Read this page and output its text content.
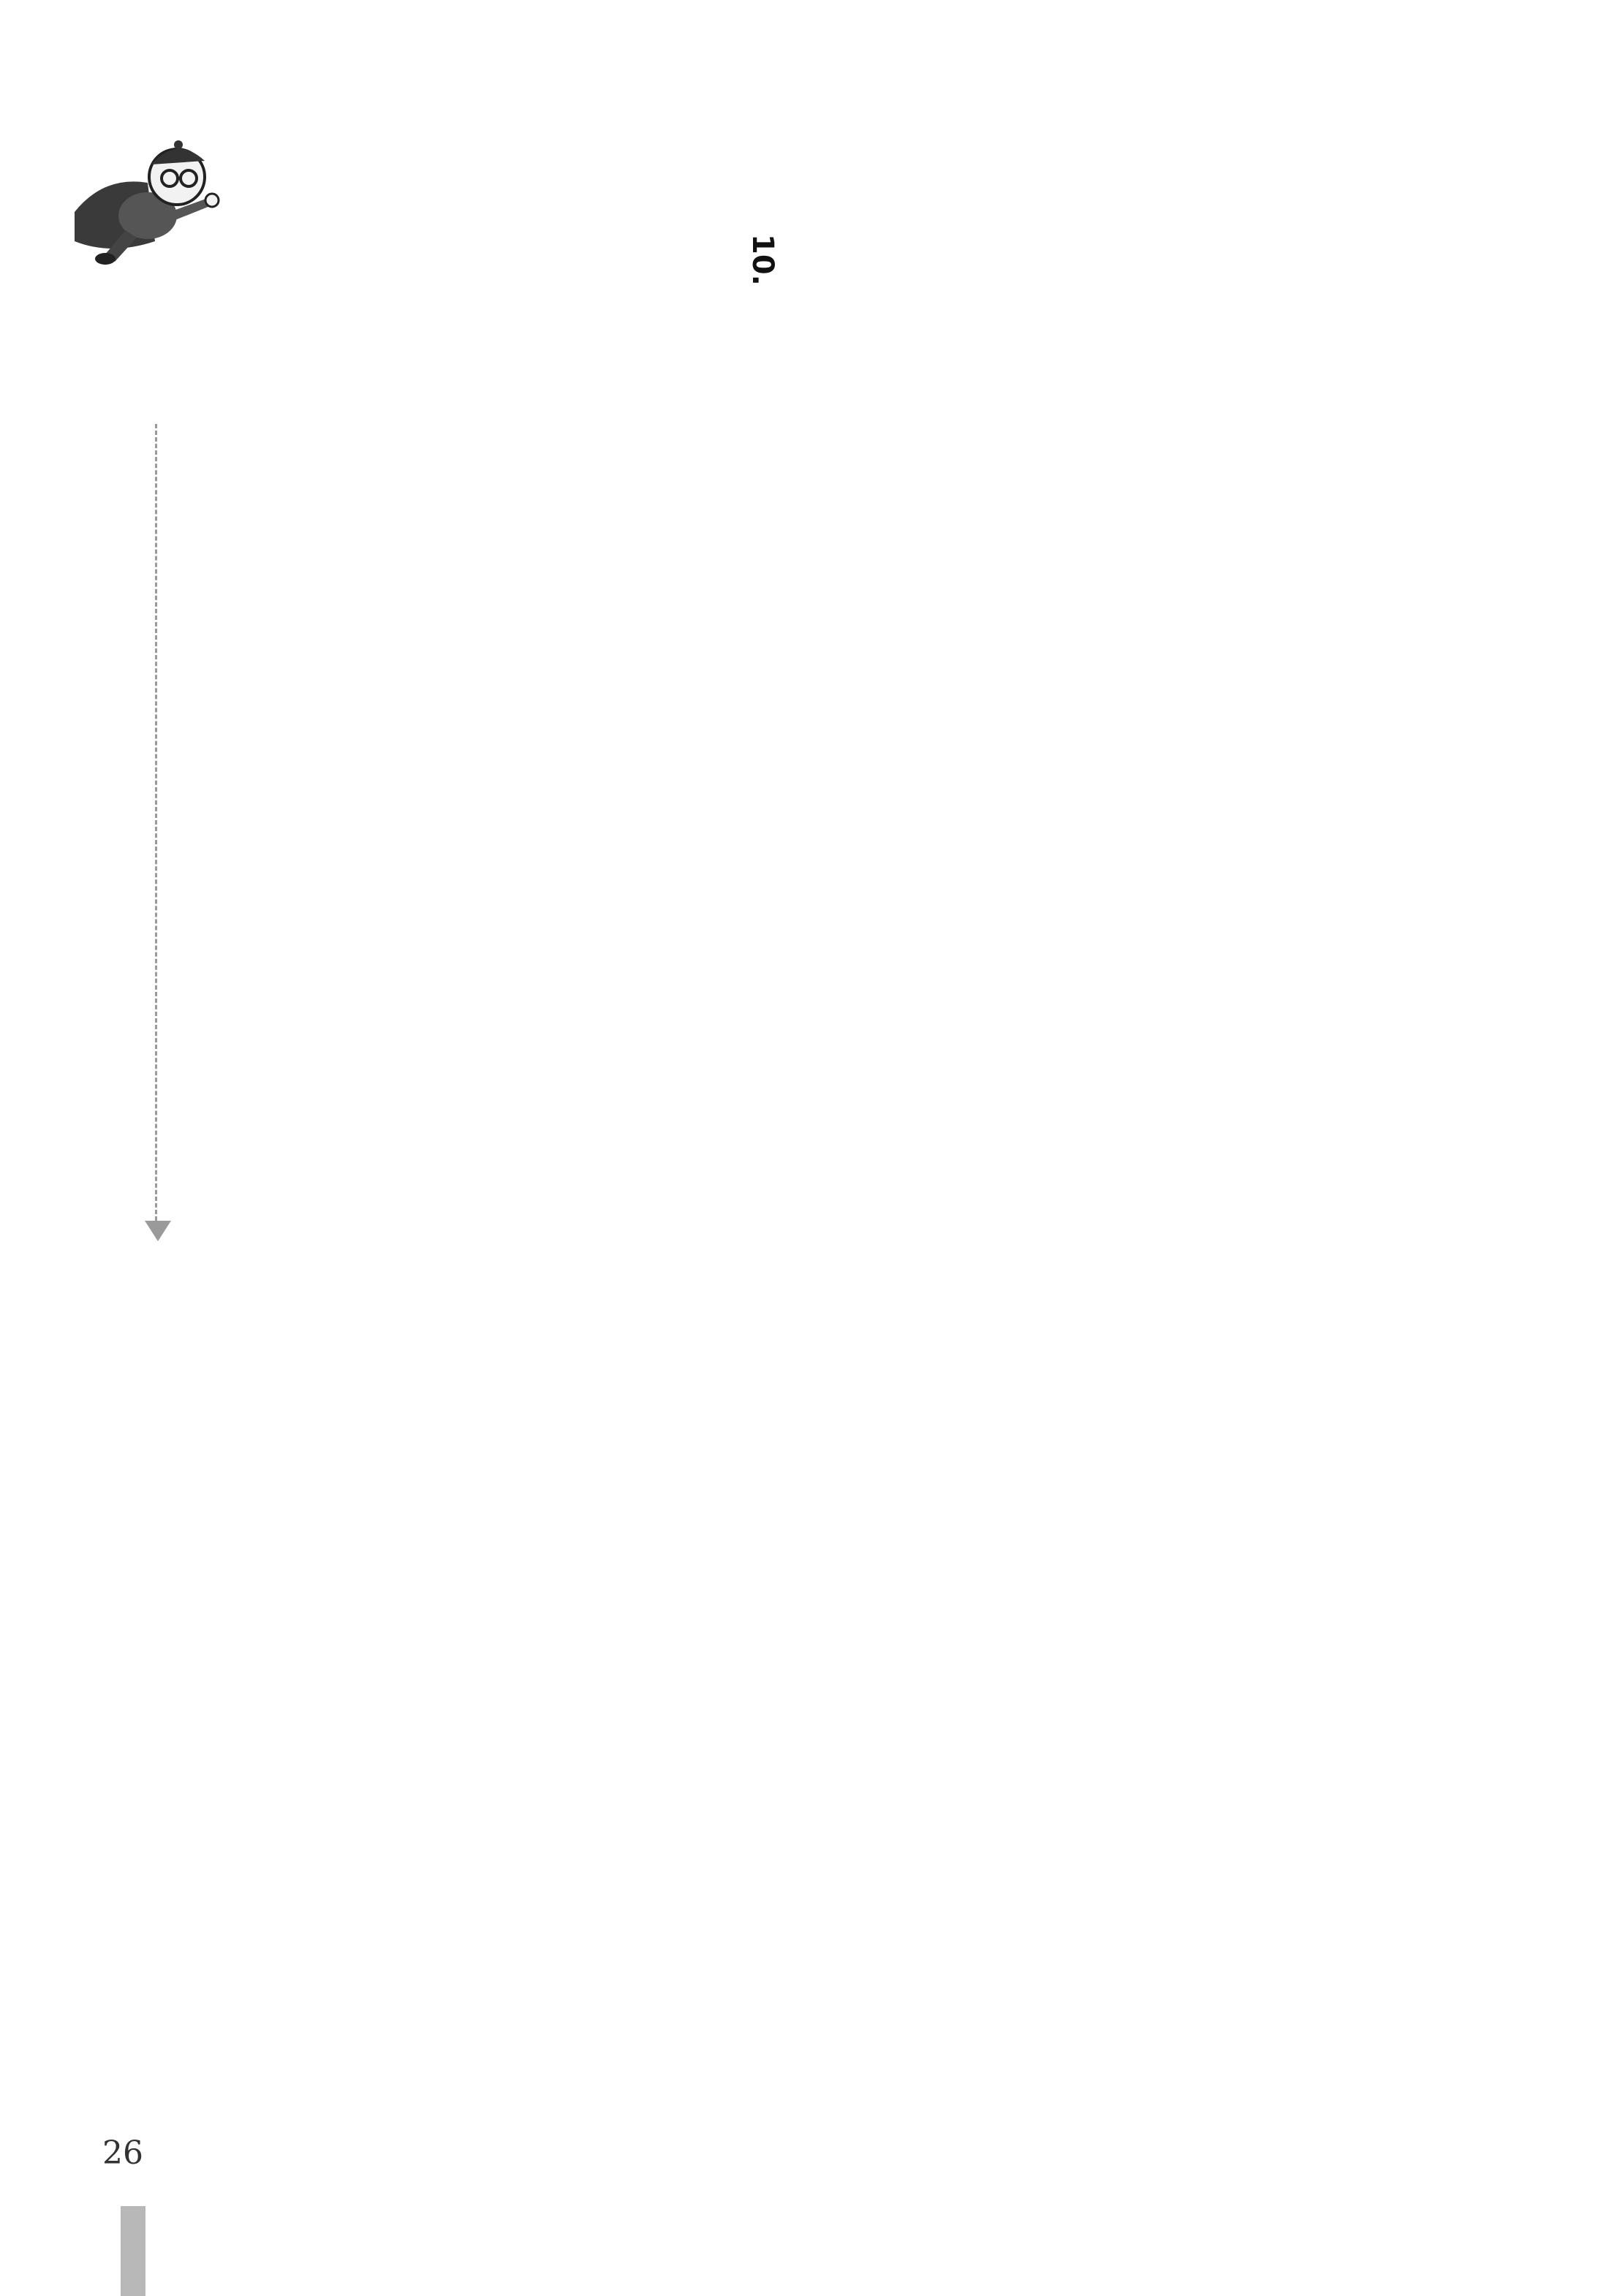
10.
26
